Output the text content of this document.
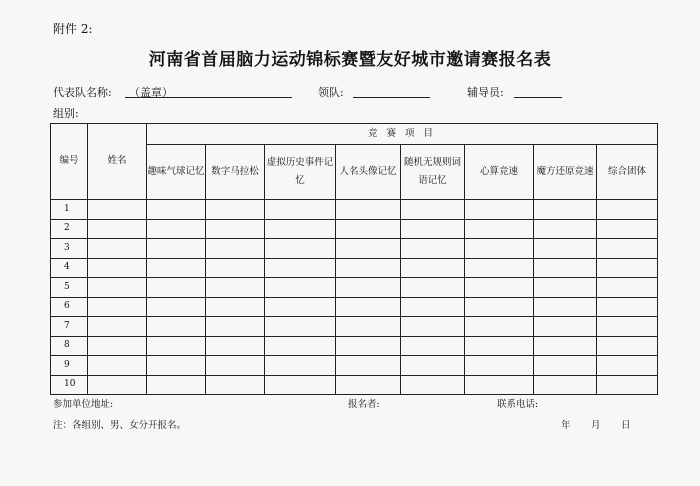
附件 2:
河南省首届脑力运动锦标赛暨友好城市邀请赛报名表
代表队名称: （盖章）	领队:	辅导员:
组别:
编号	姓名	竞 赛 项 目							
		趣味气球记忆	数字马拉松	虚拟历史事件记忆	人名头像记忆	随机无规则词语记忆	心算竞速	魔方还原竞速	综合团体
1									
2									
3									
4									
5									
6									
7									
8									
9									
10									
参加单位地址:	报名者:	联系电话:
注：各组别、男、女分开报名。	年 月 日
